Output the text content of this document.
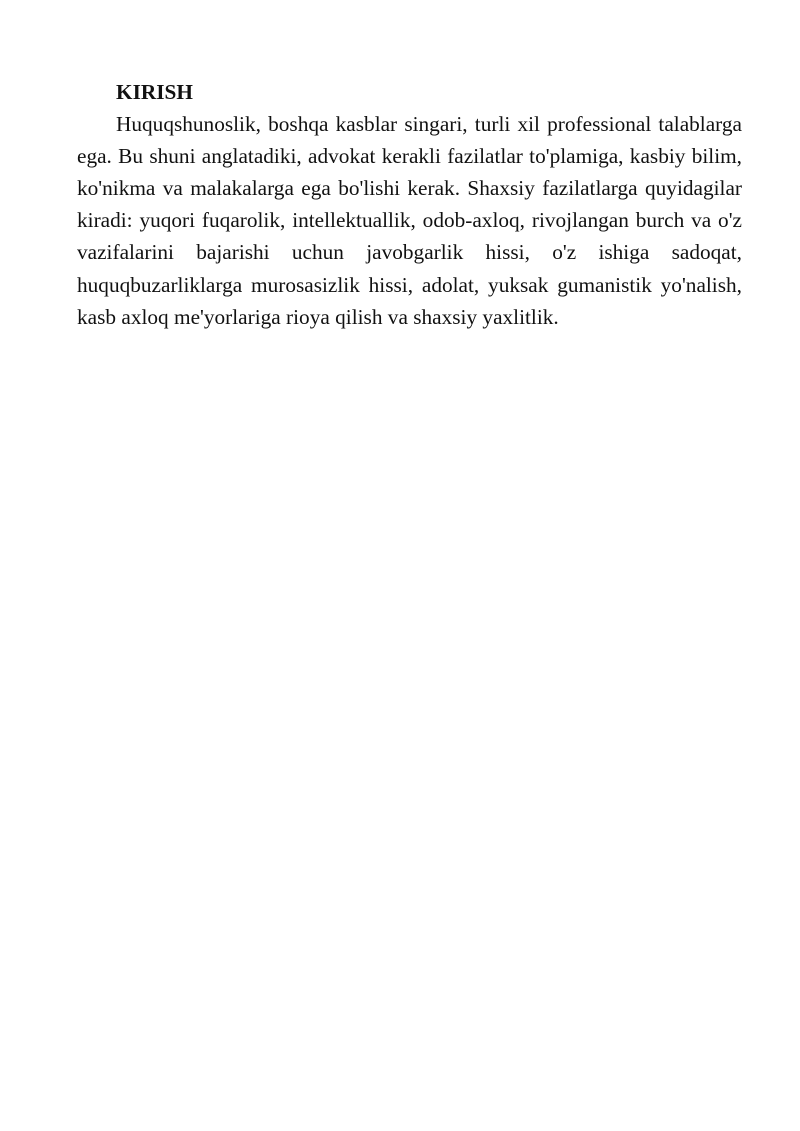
KIRISH

Huquqshunoslik, boshqa kasblar singari, turli xil professional talablarga ega. Bu shuni anglatadiki, advokat kerakli fazilatlar to'plamiga, kasbiy bilim, ko'nikma va malakalarga ega bo'lishi kerak. Shaxsiy fazilatlarga quyidagilar kiradi: yuqori fuqarolik, intellektuallik, odob-axloq, rivojlangan burch va o'z vazifalarini bajarishi uchun javobgarlik hissi, o'z ishiga sadoqat, huquqbuzarliklarga murosasizlik hissi, adolat, yuksak gumanistik yo'nalish, kasb axloq me'yorlariga rioya qilish va shaxsiy yaxlitlik.
